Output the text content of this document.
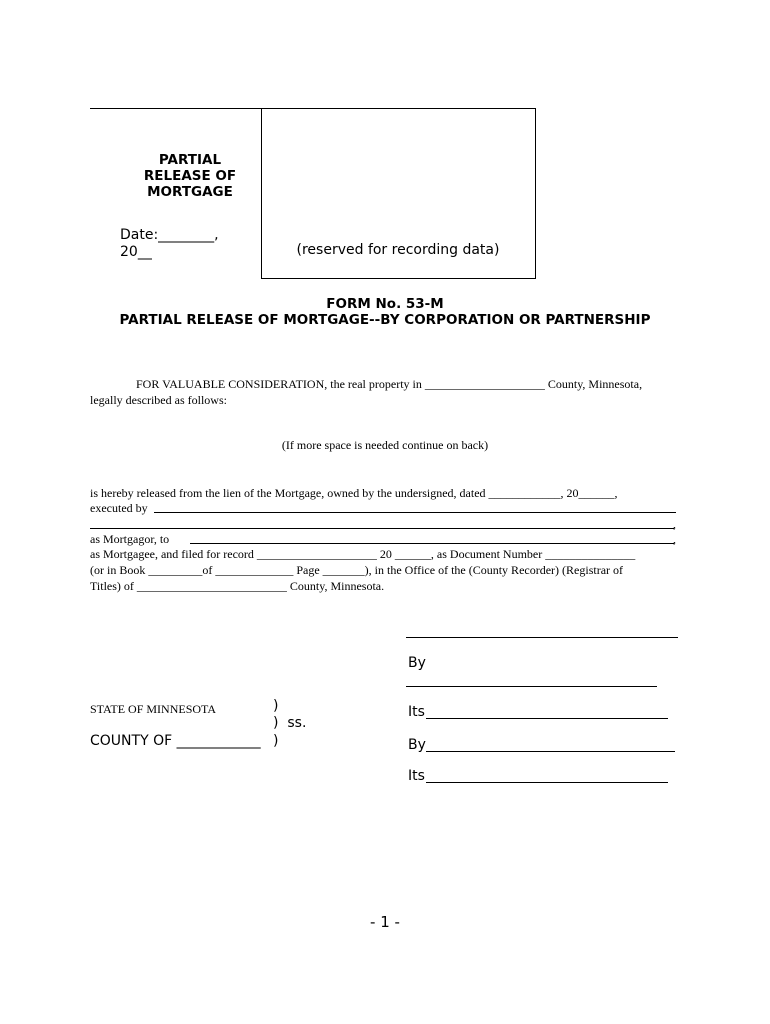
PARTIAL
RELEASE OF
MORTGAGE
Date:________,
20__	(reserved for recording data)
FORM No. 53-M
PARTIAL RELEASE OF MORTGAGE--BY CORPORATION OR PARTNERSHIP
FOR VALUABLE CONSIDERATION, the real property in ____________________ County, Minnesota,
legally described as follows:
(If more space is needed continue on back)
is hereby released from the lien of the Mortgage, owned by the undersigned, dated ____________, 20______,
executed by
,
as Mortgagor, to	,
as Mortgagee, and filed for record ____________________ 20 ______, as Document Number _______________
(or in Book _________of _____________ Page _______), in the Office of the (County Recorder) (Registrar of
Titles) of _________________________ County, Minnesota.
By
Its
By
Its
STATE OF MINNESOTA	)
)  ss.
COUNTY OF ____________ )
- 1 -
